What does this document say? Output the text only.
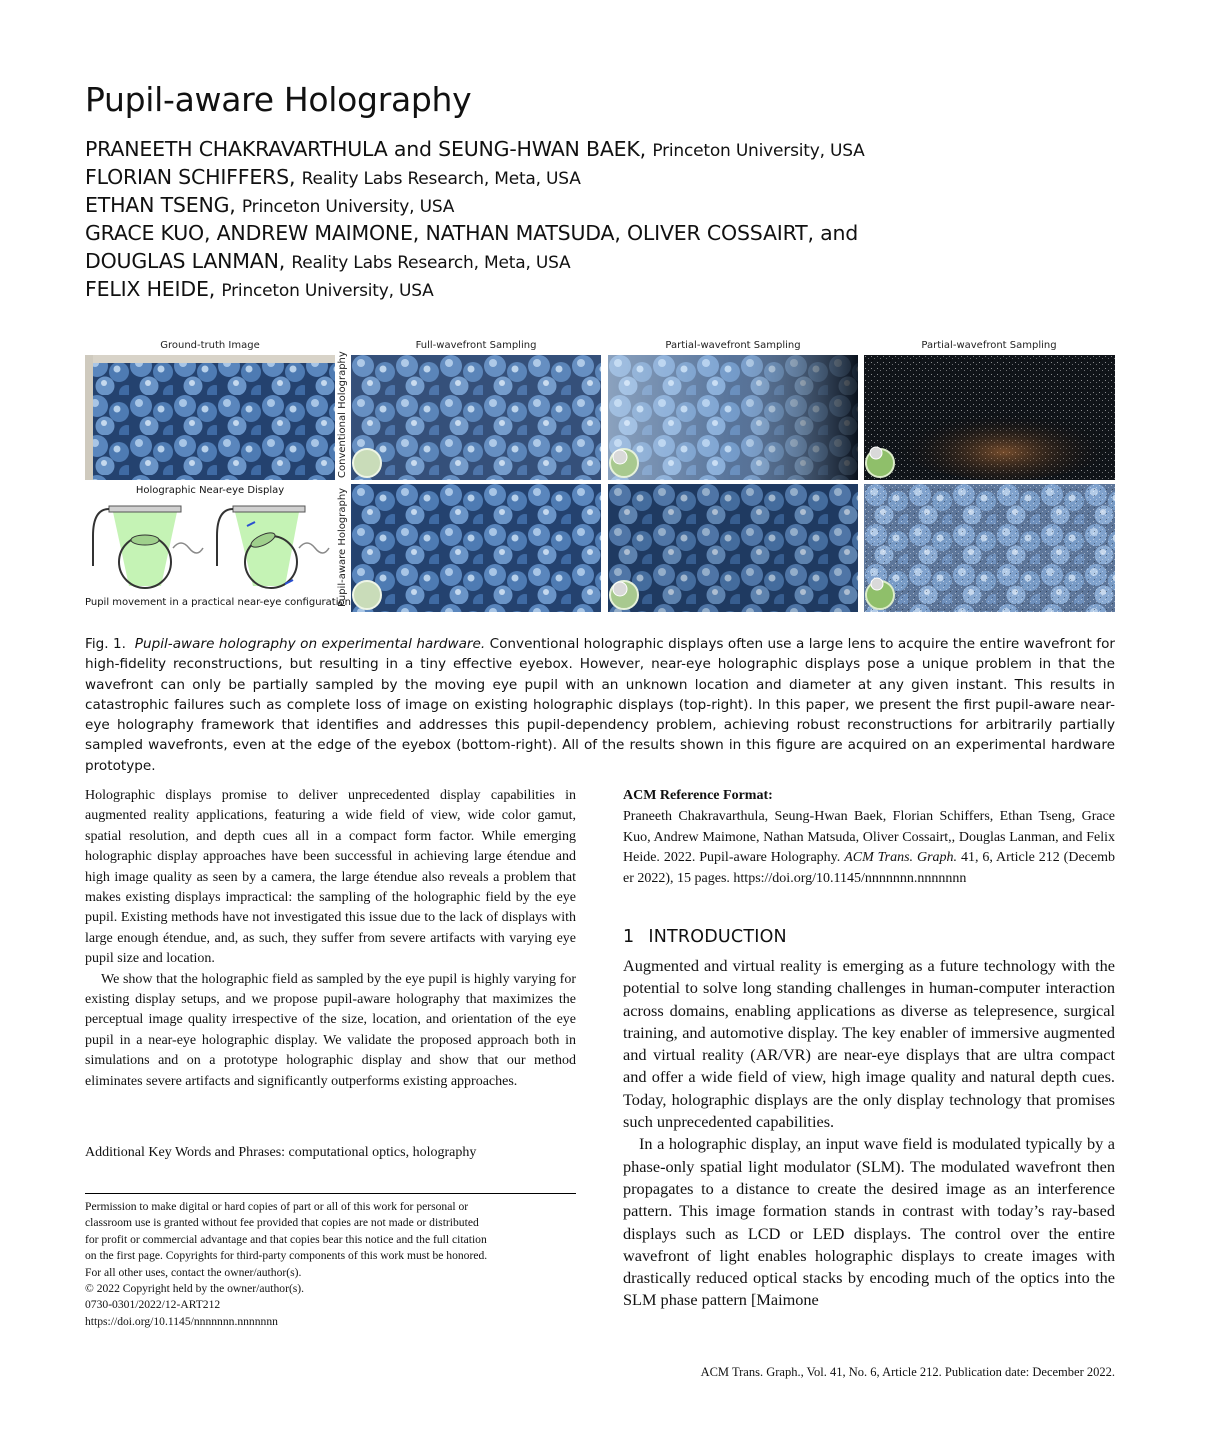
Pupil-aware Holography
PRANEETH CHAKRAVARTHULA and SEUNG-HWAN BAEK, Princeton University, USA
FLORIAN SCHIFFERS, Reality Labs Research, Meta, USA
ETHAN TSENG, Princeton University, USA
GRACE KUO, ANDREW MAIMONE, NATHAN MATSUDA, OLIVER COSSAIRT, and
DOUGLAS LANMAN, Reality Labs Research, Meta, USA
FELIX HEIDE, Princeton University, USA
Ground-truth Image	Full-wavefront Sampling	Partial-wavefront Sampling	Partial-wavefront Sampling
Conventional Holography
Pupil-aware Holography
Holographic Near-eye Display
Pupil movement in a practical near-eye configuration
Fig. 1. Pupil-aware holography on experimental hardware. Conventional holographic displays often use a large lens to acquire the entire wavefront for high-fidelity reconstructions, but resulting in a tiny effective eyebox. However, near-eye holographic displays pose a unique problem in that the wavefront can only be partially sampled by the moving eye pupil with an unknown location and diameter at any given instant. This results in catastrophic failures such as complete loss of image on existing holographic displays (top-right). In this paper, we present the first pupil-aware near-eye holography framework that identifies and addresses this pupil-dependency problem, achieving robust reconstructions for arbitrarily partially sampled wavefronts, even at the edge of the eyebox (bottom-right). All of the results shown in this figure are acquired on an experimental hardware prototype.

Holographic displays promise to deliver unprecedented display capabilities in augmented reality applications, featuring a wide field of view, wide color gamut, spatial resolution, and depth cues all in a compact form factor. While emerging holographic display approaches have been successful in achieving large étendue and high image quality as seen by a camera, the large étendue also reveals a problem that makes existing displays impractical: the sampling of the holographic field by the eye pupil. Existing methods have not investigated this issue due to the lack of displays with large enough étendue, and, as such, they suffer from severe artifacts with varying eye pupil size and location.

We show that the holographic field as sampled by the eye pupil is highly varying for existing display setups, and we propose pupil-aware holography that maximizes the perceptual image quality irrespective of the size, location, and orientation of the eye pupil in a near-eye holographic display. We validate the proposed approach both in simulations and on a prototype holographic display and show that our method eliminates severe artifacts and significantly outperforms existing approaches.

Additional Key Words and Phrases: computational optics, holography
Permission to make digital or hard copies of part or all of this work for personal or
classroom use is granted without fee provided that copies are not made or distributed
for profit or commercial advantage and that copies bear this notice and the full citation
on the first page. Copyrights for third-party components of this work must be honored.
For all other uses, contact the owner/author(s).
© 2022 Copyright held by the owner/author(s).
0730-0301/2022/12-ART212
https://doi.org/10.1145/nnnnnnn.nnnnnnn
ACM Reference Format:
Praneeth Chakravarthula, Seung-Hwan Baek, Florian Schiffers, Ethan Tseng, Grace Kuo, Andrew Maimone, Nathan Matsuda, Oliver Cossairt,, Douglas Lanman, and Felix Heide. 2022. Pupil-aware Holography. ACM Trans. Graph. 41, 6, Article 212 (December 2022), 15 pages. https://doi.org/10.1145/nnnnnnn.nnnnnnn
1 INTRODUCTION

Augmented and virtual reality is emerging as a future technology with the potential to solve long standing challenges in human-computer interaction across domains, enabling applications as diverse as telepresence, surgical training, and automotive display. The key enabler of immersive augmented and virtual reality (AR/VR) are near-eye displays that are ultra compact and offer a wide field of view, high image quality and natural depth cues. Today, holographic displays are the only display technology that promises such unprecedented capabilities.

In a holographic display, an input wave field is modulated typically by a phase-only spatial light modulator (SLM). The modulated wavefront then propagates to a distance to create the desired image as an interference pattern. This image formation stands in contrast with today’s ray-based displays such as LCD or LED displays. The control over the entire wavefront of light enables holographic displays to create images with drastically reduced optical stacks by encoding much of the optics into the SLM phase pattern [Maimone

ACM Trans. Graph., Vol. 41, No. 6, Article 212. Publication date: December 2022.
